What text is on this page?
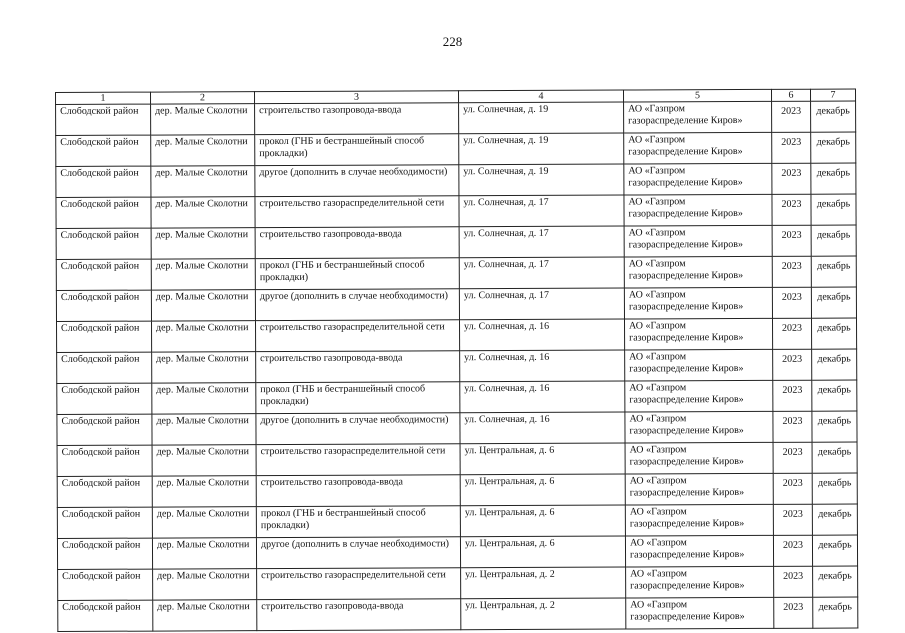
228
1	2	3	4	5	6	7
Слободской район	дер. Малые Сколотни	строительство газопровода-ввода	ул. Солнечная, д. 19	АО «Газпром газораспределение Киров»	2023	декабрь
Слободской район	дер. Малые Сколотни	прокол (ГНБ и бестраншейный способ прокладки)	ул. Солнечная, д. 19	АО «Газпром газораспределение Киров»	2023	декабрь
Слободской район	дер. Малые Сколотни	другое (дополнить в случае необходимости)	ул. Солнечная, д. 19	АО «Газпром газораспределение Киров»	2023	декабрь
Слободской район	дер. Малые Сколотни	строительство газораспределительной сети	ул. Солнечная, д. 17	АО «Газпром газораспределение Киров»	2023	декабрь
Слободской район	дер. Малые Сколотни	строительство газопровода-ввода	ул. Солнечная, д. 17	АО «Газпром газораспределение Киров»	2023	декабрь
Слободской район	дер. Малые Сколотни	прокол (ГНБ и бестраншейный способ прокладки)	ул. Солнечная, д. 17	АО «Газпром газораспределение Киров»	2023	декабрь
Слободской район	дер. Малые Сколотни	другое (дополнить в случае необходимости)	ул. Солнечная, д. 17	АО «Газпром газораспределение Киров»	2023	декабрь
Слободской район	дер. Малые Сколотни	строительство газораспределительной сети	ул. Солнечная, д. 16	АО «Газпром газораспределение Киров»	2023	декабрь
Слободской район	дер. Малые Сколотни	строительство газопровода-ввода	ул. Солнечная, д. 16	АО «Газпром газораспределение Киров»	2023	декабрь
Слободской район	дер. Малые Сколотни	прокол (ГНБ и бестраншейный способ прокладки)	ул. Солнечная, д. 16	АО «Газпром газораспределение Киров»	2023	декабрь
Слободской район	дер. Малые Сколотни	другое (дополнить в случае необходимости)	ул. Солнечная, д. 16	АО «Газпром газораспределение Киров»	2023	декабрь
Слободской район	дер. Малые Сколотни	строительство газораспределительной сети	ул. Центральная, д. 6	АО «Газпром газораспределение Киров»	2023	декабрь
Слободской район	дер. Малые Сколотни	строительство газопровода-ввода	ул. Центральная, д. 6	АО «Газпром газораспределение Киров»	2023	декабрь
Слободской район	дер. Малые Сколотни	прокол (ГНБ и бестраншейный способ прокладки)	ул. Центральная, д. 6	АО «Газпром газораспределение Киров»	2023	декабрь
Слободской район	дер. Малые Сколотни	другое (дополнить в случае необходимости)	ул. Центральная, д. 6	АО «Газпром газораспределение Киров»	2023	декабрь
Слободской район	дер. Малые Сколотни	строительство газораспределительной сети	ул. Центральная, д. 2	АО «Газпром газораспределение Киров»	2023	декабрь
Слободской район	дер. Малые Сколотни	строительство газопровода-ввода	ул. Центральная, д. 2	АО «Газпром газораспределение Киров»	2023	декабрь
